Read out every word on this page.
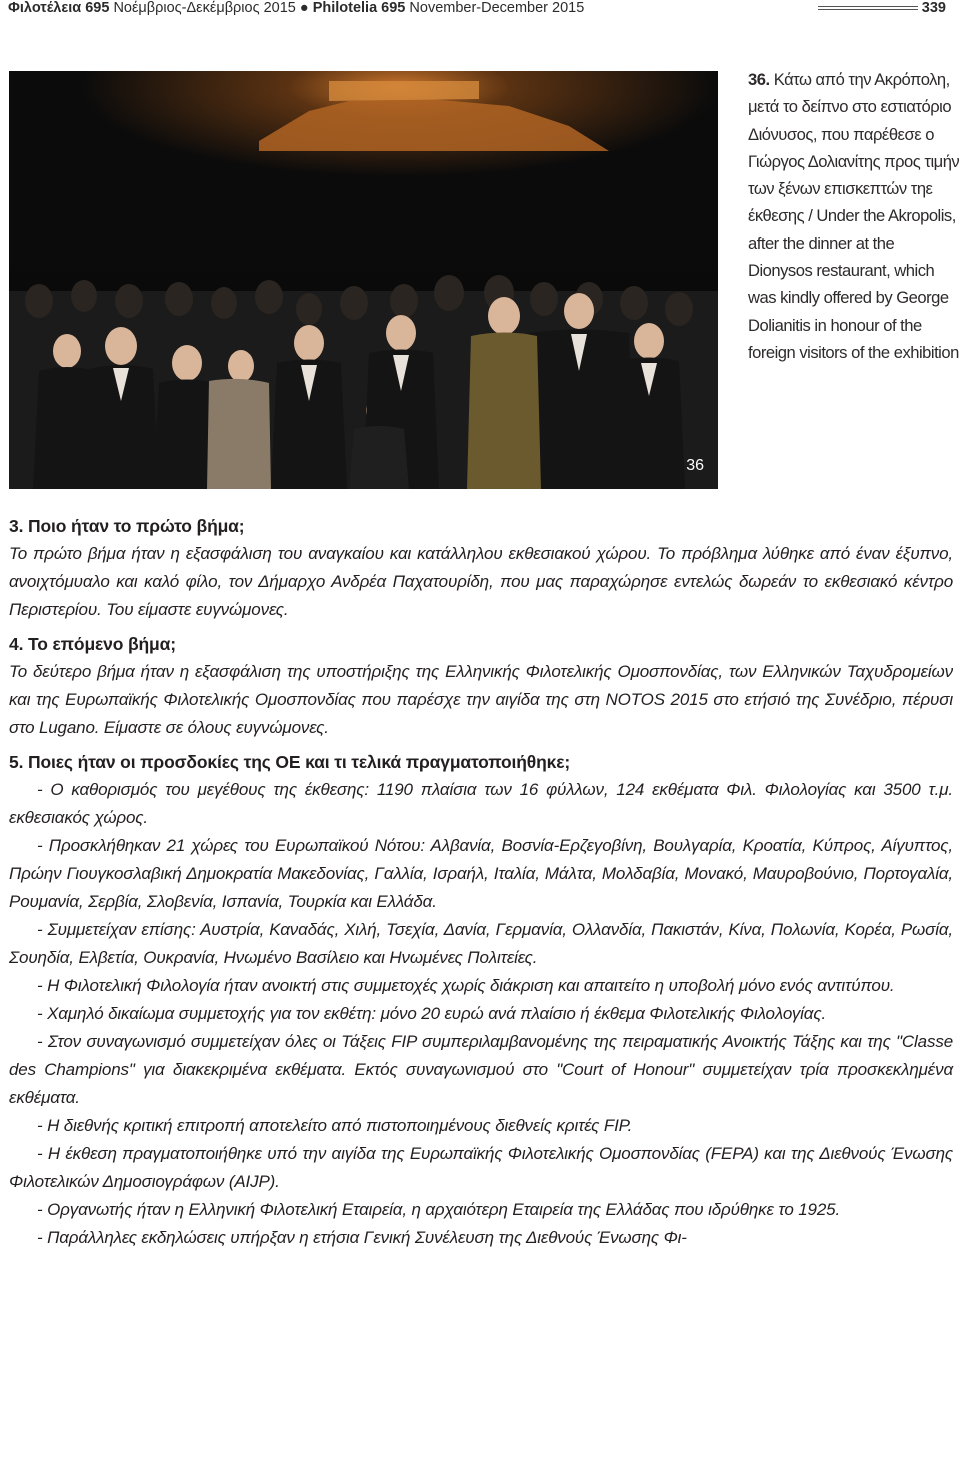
Φιλοτέλεια 695 Νοέμβριος-Δεκέμβριος 2015 ● Philotelia 695 November-December 2015	339
36
36. Κάτω από την Ακρόπολη, μετά το δείπνο στο εστιατόριο Διόνυσος, που παρέθεσε ο Γιώργος Δολιανίτης προς τιμήν των ξένων επισκεπτών τηε έκθεσης / Under the Akropolis, after the dinner at the Dionysos restaurant, which was kindly offered by George Dolianitis in honour of the foreign visitors of the exhibition
3. Ποιο ήταν το πρώτο βήμα;
Το πρώτο βήμα ήταν η εξασφάλιση του αναγκαίου και κατάλληλου εκθεσιακού χώρου. Το πρόβλημα λύθηκε από έναν έξυπνο, ανοιχτόμυαλο και καλό φίλο, τον Δήμαρχο Ανδρέα Παχατουρίδη, που μας παραχώρησε εντελώς δωρεάν το εκθεσιακό κέντρο Περιστερίου. Του είμαστε ευγνώμονες.
4. Το επόμενο βήμα;
Το δεύτερο βήμα ήταν η εξασφάλιση της υποστήριξης της Ελληνικής Φιλοτελικής Ομοσπονδίας, των Ελληνικών Ταχυδρομείων και της Ευρωπαϊκής Φιλοτελικής Ομοσπονδίας που παρέσχε την αιγίδα της στη NOTOS 2015 στο ετήσιό της Συνέδριο, πέρυσι στο Lugano. Είμαστε σε όλους ευγνώμονες.
5. Ποιες ήταν οι προσδοκίες της ΟΕ και τι τελικά πραγματοποιήθηκε;
- Ο καθορισμός του μεγέθους της έκθεσης: 1190 πλαίσια των 16 φύλλων, 124 εκθέματα Φιλ. Φιλολογίας και 3500 τ.μ. εκθεσιακός χώρος.
- Προσκλήθηκαν 21 χώρες του Ευρωπαϊκού Νότου: Αλβανία, Βοσνία-Ερζεγοβίνη, Βουλγαρία, Κροατία, Κύπρος, Αίγυπτος, Πρώην Γιουγκοσλαβική Δημοκρατία Μακεδονίας, Γαλλία, Ισραήλ, Ιταλία, Μάλτα, Μολδαβία, Μονακό, Μαυροβούνιο, Πορτογαλία, Ρουμανία, Σερβία, Σλοβενία, Ισπανία, Τουρκία και Ελλάδα.
- Συμμετείχαν επίσης: Αυστρία, Καναδάς, Χιλή, Τσεχία, Δανία, Γερμανία, Ολλανδία, Πακιστάν, Κίνα, Πολωνία, Κορέα, Ρωσία, Σουηδία, Ελβετία, Ουκρανία, Ηνωμένο Βασίλειο και Ηνωμένες Πολιτείες.
- Η Φιλοτελική Φιλολογία ήταν ανοικτή στις συμμετοχές χωρίς διάκριση και απαιτείτο η υποβολή μόνο ενός αντιτύπου.
- Χαμηλό δικαίωμα συμμετοχής για τον εκθέτη: μόνο 20 ευρώ ανά πλαίσιο ή έκθεμα Φιλοτελικής Φιλολογίας.
- Στον συναγωνισμό συμμετείχαν όλες οι Τάξεις FIP συμπεριλαμβανομένης της πειραματικής Ανοικτής Τάξης και της "Classe des Champions" για διακεκριμένα εκθέματα. Εκτός συναγωνισμού στο "Court of Honour" συμμετείχαν τρία προσκεκλημένα εκθέματα.
- Η διεθνής κριτική επιτροπή αποτελείτο από πιστοποιημένους διεθνείς κριτές FIP.
- Η έκθεση πραγματοποιήθηκε υπό την αιγίδα της Ευρωπαϊκής Φιλοτελικής Ομοσπονδίας (FEPA) και της Διεθνούς Ένωσης Φιλοτελικών Δημοσιογράφων (AIJP).
- Οργανωτής ήταν η Ελληνική Φιλοτελική Εταιρεία, η αρχαιότερη Εταιρεία της Ελλάδας που ιδρύθηκε το 1925.
- Παράλληλες εκδηλώσεις υπήρξαν η ετήσια Γενική Συνέλευση της Διεθνούς Ένωσης Φι-
